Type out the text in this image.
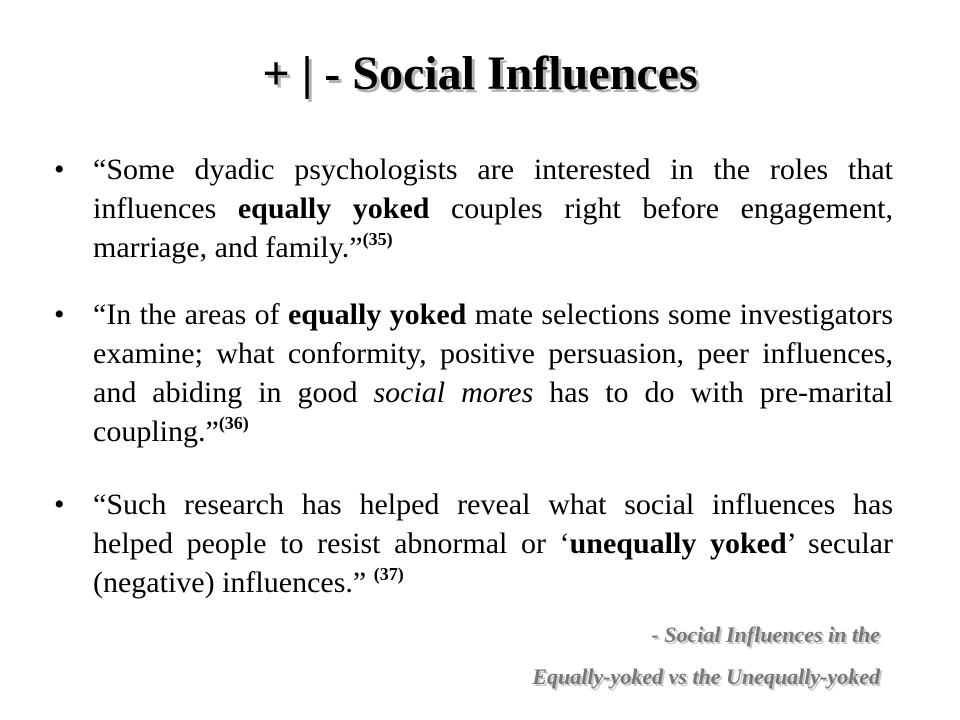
+ | - Social Influences
• “Some dyadic psychologists are interested in the roles that influences equally yoked couples right before engagement, marriage, and family.”$^{(35)}$
• “In the areas of equally yoked mate selections some investigators examine; what conformity, positive persuasion, peer influences, and abiding in good social mores has to do with pre-marital coupling.”$^{(36)}$
• “Such research has helped reveal what social influences has helped people to resist abnormal or ‘unequally yoked’ secular (negative) influences.” $^{(37)}$
- Social Influences in the
Equally-yoked vs the Unequally-yoked
